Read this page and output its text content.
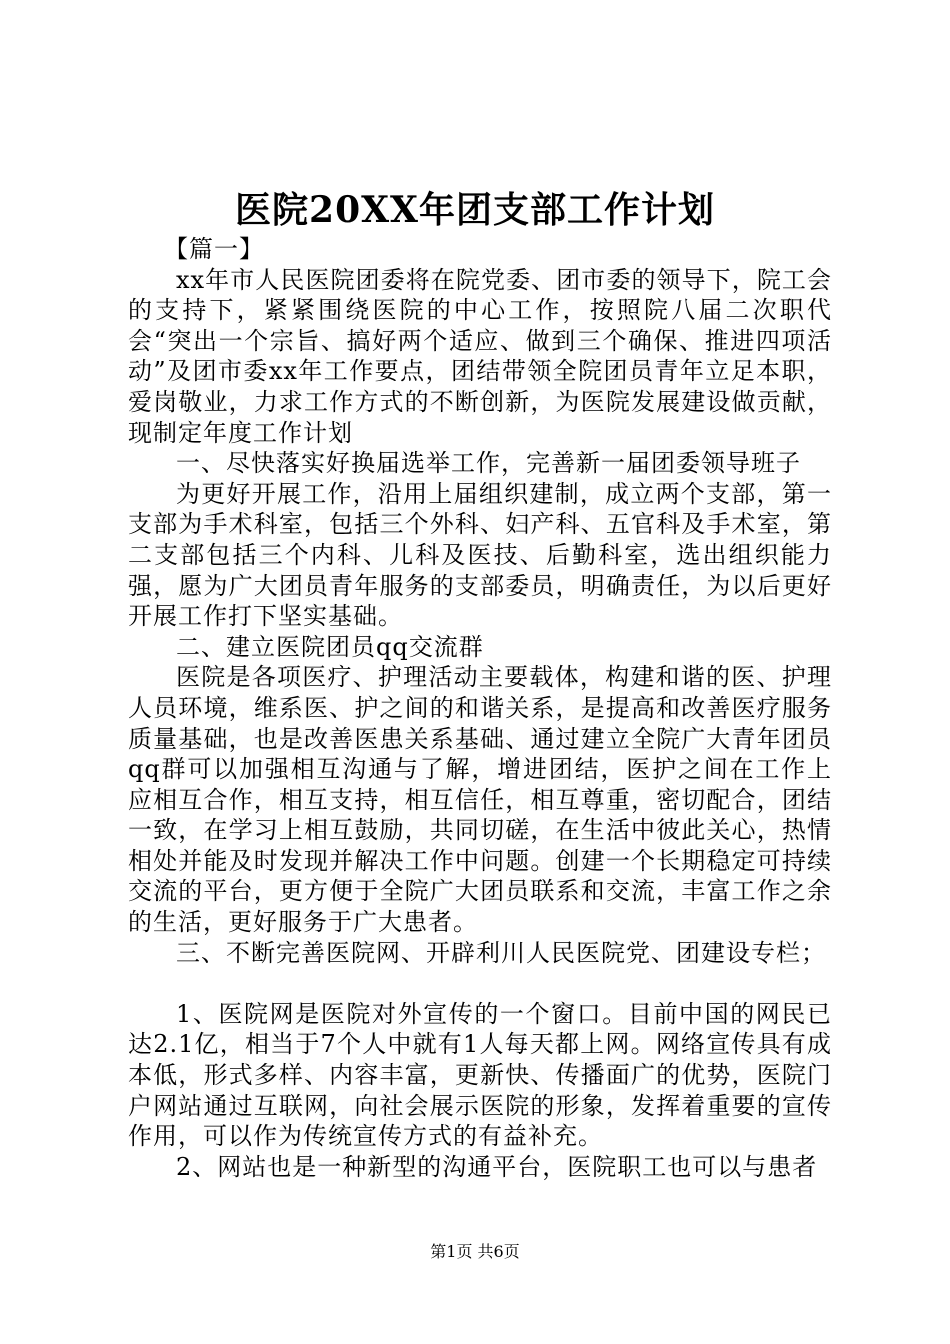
医院20XX年团支部工作计划

【篇一】

xx年市人民医院团委将在院党委、团市委的领导下，院工会的支持下，紧紧围绕医院的中心工作，按照院八届二次职代会“突出一个宗旨、搞好两个适应、做到三个确保、推进四项活动”及团市委xx年工作要点，团结带领全院团员青年立足本职，爱岗敬业，力求工作方式的不断创新，为医院发展建设做贡献，现制定年度工作计划

一、尽快落实好换届选举工作，完善新一届团委领导班子

为更好开展工作，沿用上届组织建制，成立两个支部，第一支部为手术科室，包括三个外科、妇产科、五官科及手术室，第二支部包括三个内科、儿科及医技、后勤科室，选出组织能力强，愿为广大团员青年服务的支部委员，明确责任，为以后更好开展工作打下坚实基础。

二、建立医院团员qq交流群

医院是各项医疗、护理活动主要载体，构建和谐的医、护理人员环境，维系医、护之间的和谐关系，是提高和改善医疗服务质量基础，也是改善医患关系基础、通过建立全院广大青年团员qq群可以加强相互沟通与了解，增进团结，医护之间在工作上应相互合作，相互支持，相互信任，相互尊重，密切配合，团结一致，在学习上相互鼓励，共同切磋，在生活中彼此关心，热情相处并能及时发现并解决工作中问题。创建一个长期稳定可持续交流的平台，更方便于全院广大团员联系和交流，丰富工作之余的生活，更好服务于广大患者。

三、不断完善医院网、开辟利川人民医院党、团建设专栏；

1、医院网是医院对外宣传的一个窗口。目前中国的网民已达2.1亿，相当于7个人中就有1人每天都上网。网络宣传具有成本低，形式多样、内容丰富，更新快、传播面广的优势，医院门户网站通过互联网，向社会展示医院的形象，发挥着重要的宣传作用，可以作为传统宣传方式的有益补充。

2、网站也是一种新型的沟通平台，医院职工也可以与患者

第1页 共6页
